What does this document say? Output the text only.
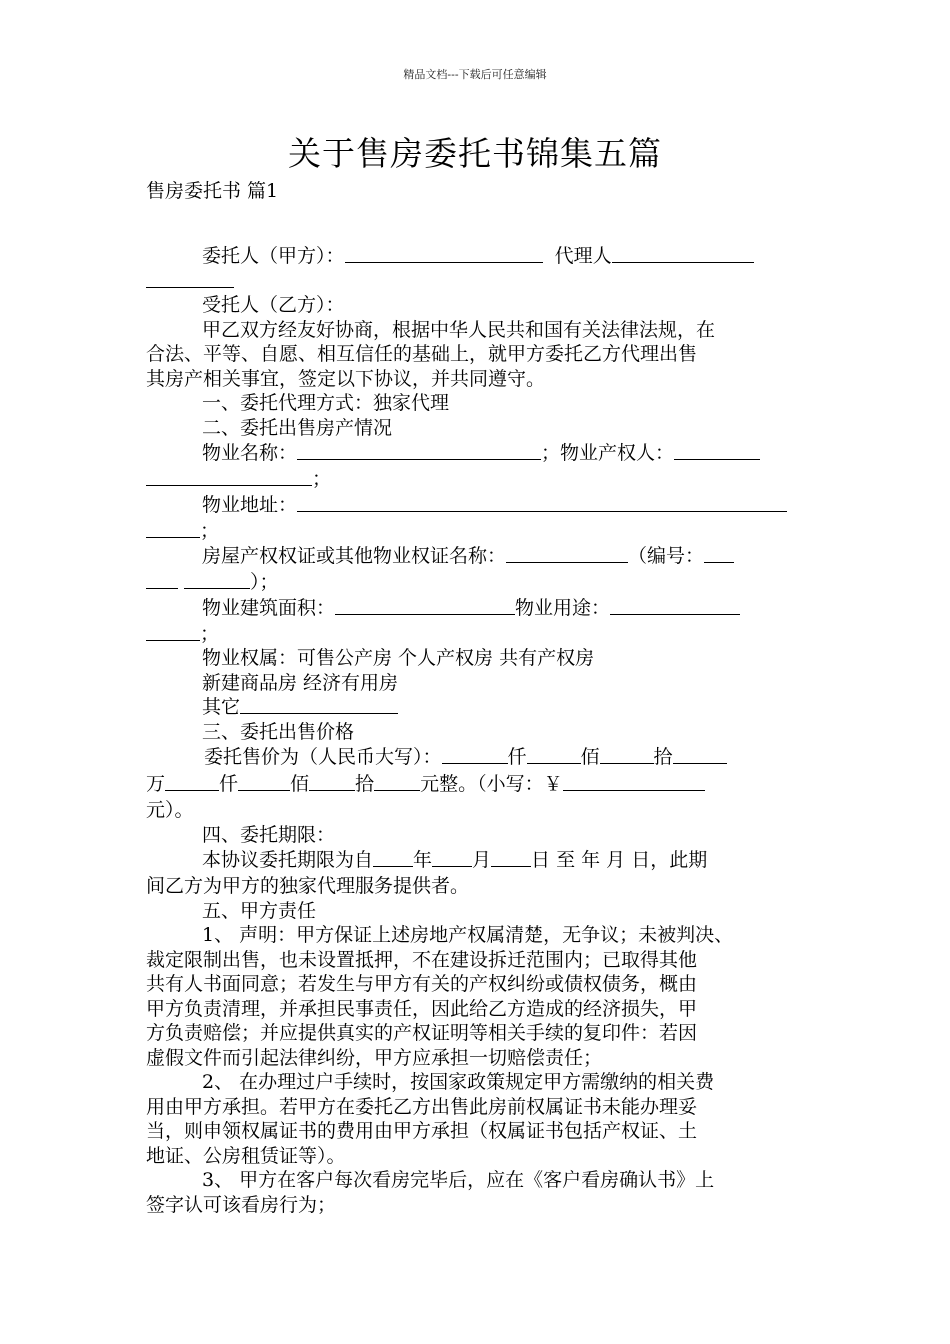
精品文档---下载后可任意编辑
关于售房委托书锦集五篇
售房委托书 篇1
委托人（甲方）：	代理人
受托人（乙方）：
甲乙双方经友好协商，根据中华人民共和国有关法律法规，在
合法、平等、自愿、相互信任的基础上，就甲方委托乙方代理出售
其房产相关事宜，签定以下协议，并共同遵守。
一、委托代理方式：独家代理
二、委托出售房产情况
物业名称：	；物业产权人：
；
物业地址：
；
房屋产权权证或其他物业权证名称：	（编号：
）；
物业建筑面积：	物业用途：
；
物业权属：可售公产房 个人产权房 共有产权房
新建商品房 经济有用房
其它
三、委托出售价格
委托售价为（人民币大写）：	仟	佰	拾
万	仟	佰 拾 元整。（小写：￥
元）。
四、委托期限：
本协议委托期限为自 年 月 日 至 年 月 日，此期
间乙方为甲方的独家代理服务提供者。
五、甲方责任
1、 声明：甲方保证上述房地产权属清楚，无争议；未被判决、
裁定限制出售，也未设置抵押，不在建设拆迁范围内；已取得其他
共有人书面同意；若发生与甲方有关的产权纠纷或债权债务，概由
甲方负责清理，并承担民事责任，因此给乙方造成的经济损失，甲
方负责赔偿；并应提供真实的产权证明等相关手续的复印件：若因
虚假文件而引起法律纠纷，甲方应承担一切赔偿责任；
2、 在办理过户手续时，按国家政策规定甲方需缴纳的相关费
用由甲方承担。若甲方在委托乙方出售此房前权属证书未能办理妥
当，则申领权属证书的费用由甲方承担（权属证书包括产权证、土
地证、公房租赁证等）。
3、 甲方在客户每次看房完毕后，应在《客户看房确认书》上
签字认可该看房行为；
